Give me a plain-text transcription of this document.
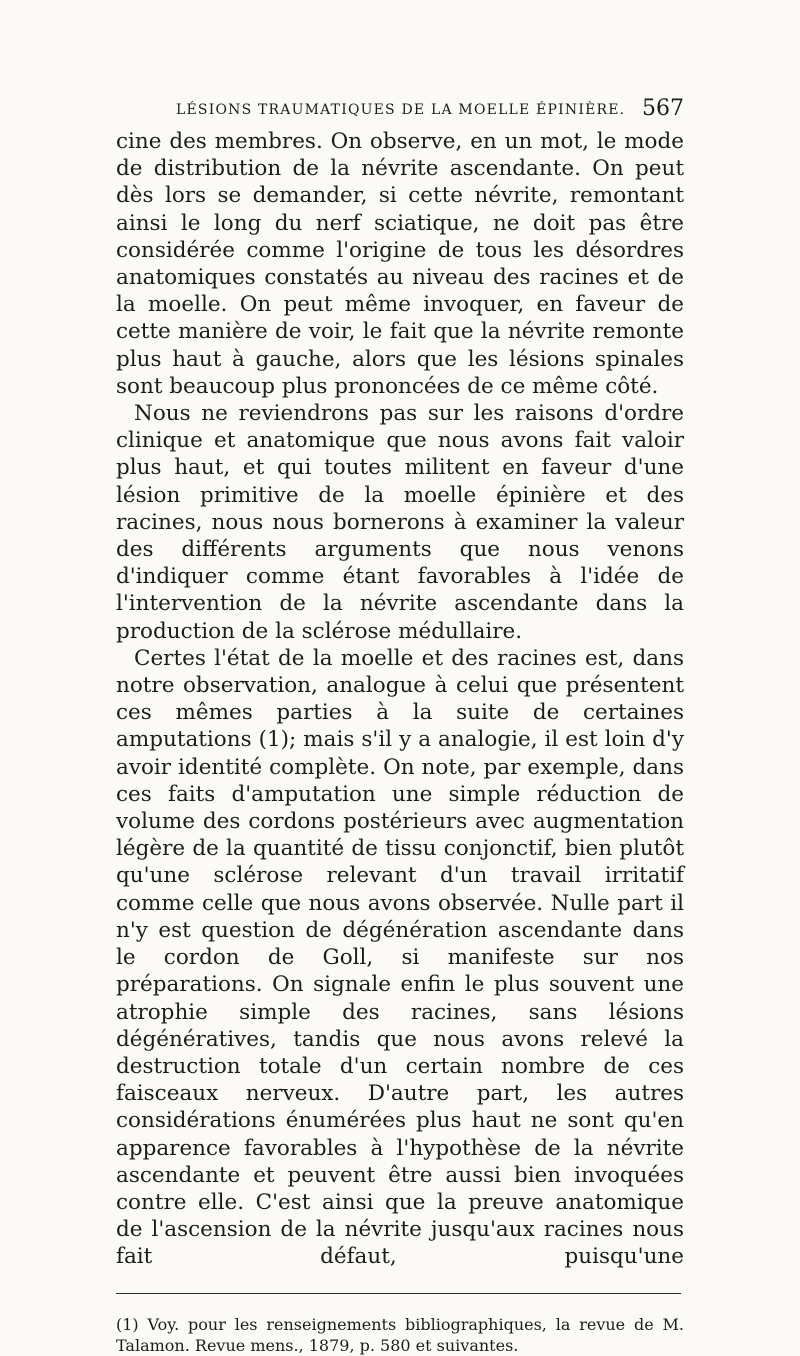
LÉSIONS TRAUMATIQUES DE LA MOELLE ÉPINIÈRE. 567

cine des membres. On observe, en un mot, le mode de distribution de la névrite ascendante. On peut dès lors se demander, si cette névrite, remontant ainsi le long du nerf sciatique, ne doit pas être considérée comme l'origine de tous les désordres anatomiques constatés au niveau des racines et de la moelle. On peut même invoquer, en faveur de cette manière de voir, le fait que la névrite remonte plus haut à gauche, alors que les lésions spinales sont beaucoup plus prononcées de ce même côté.

Nous ne reviendrons pas sur les raisons d'ordre clinique et anatomique que nous avons fait valoir plus haut, et qui toutes militent en faveur d'une lésion primitive de la moelle épinière et des racines, nous nous bornerons à examiner la valeur des différents arguments que nous venons d'indiquer comme étant favorables à l'idée de l'intervention de la névrite ascendante dans la production de la sclérose médullaire.

Certes l'état de la moelle et des racines est, dans notre observation, analogue à celui que présentent ces mêmes parties à la suite de certaines amputations (1); mais s'il y a analogie, il est loin d'y avoir identité complète. On note, par exemple, dans ces faits d'amputation une simple réduction de volume des cordons postérieurs avec augmentation légère de la quantité de tissu conjonctif, bien plutôt qu'une sclérose relevant d'un travail irritatif comme celle que nous avons observée. Nulle part il n'y est question de dégénération ascendante dans le cordon de Goll, si manifeste sur nos préparations. On signale enfin le plus souvent une atrophie simple des racines, sans lésions dégénératives, tandis que nous avons relevé la destruction totale d'un certain nombre de ces faisceaux nerveux. D'autre part, les autres considérations énumérées plus haut ne sont qu'en apparence favorables à l'hypothèse de la névrite ascendante et peuvent être aussi bien invoquées contre elle. C'est ainsi que la preuve anatomique de l'ascension de la névrite jusqu'aux racines nous fait défaut, puisqu'une

(1) Voy. pour les renseignements bibliographiques, la revue de M. Talamon. Revue mens., 1879, p. 580 et suivantes.
